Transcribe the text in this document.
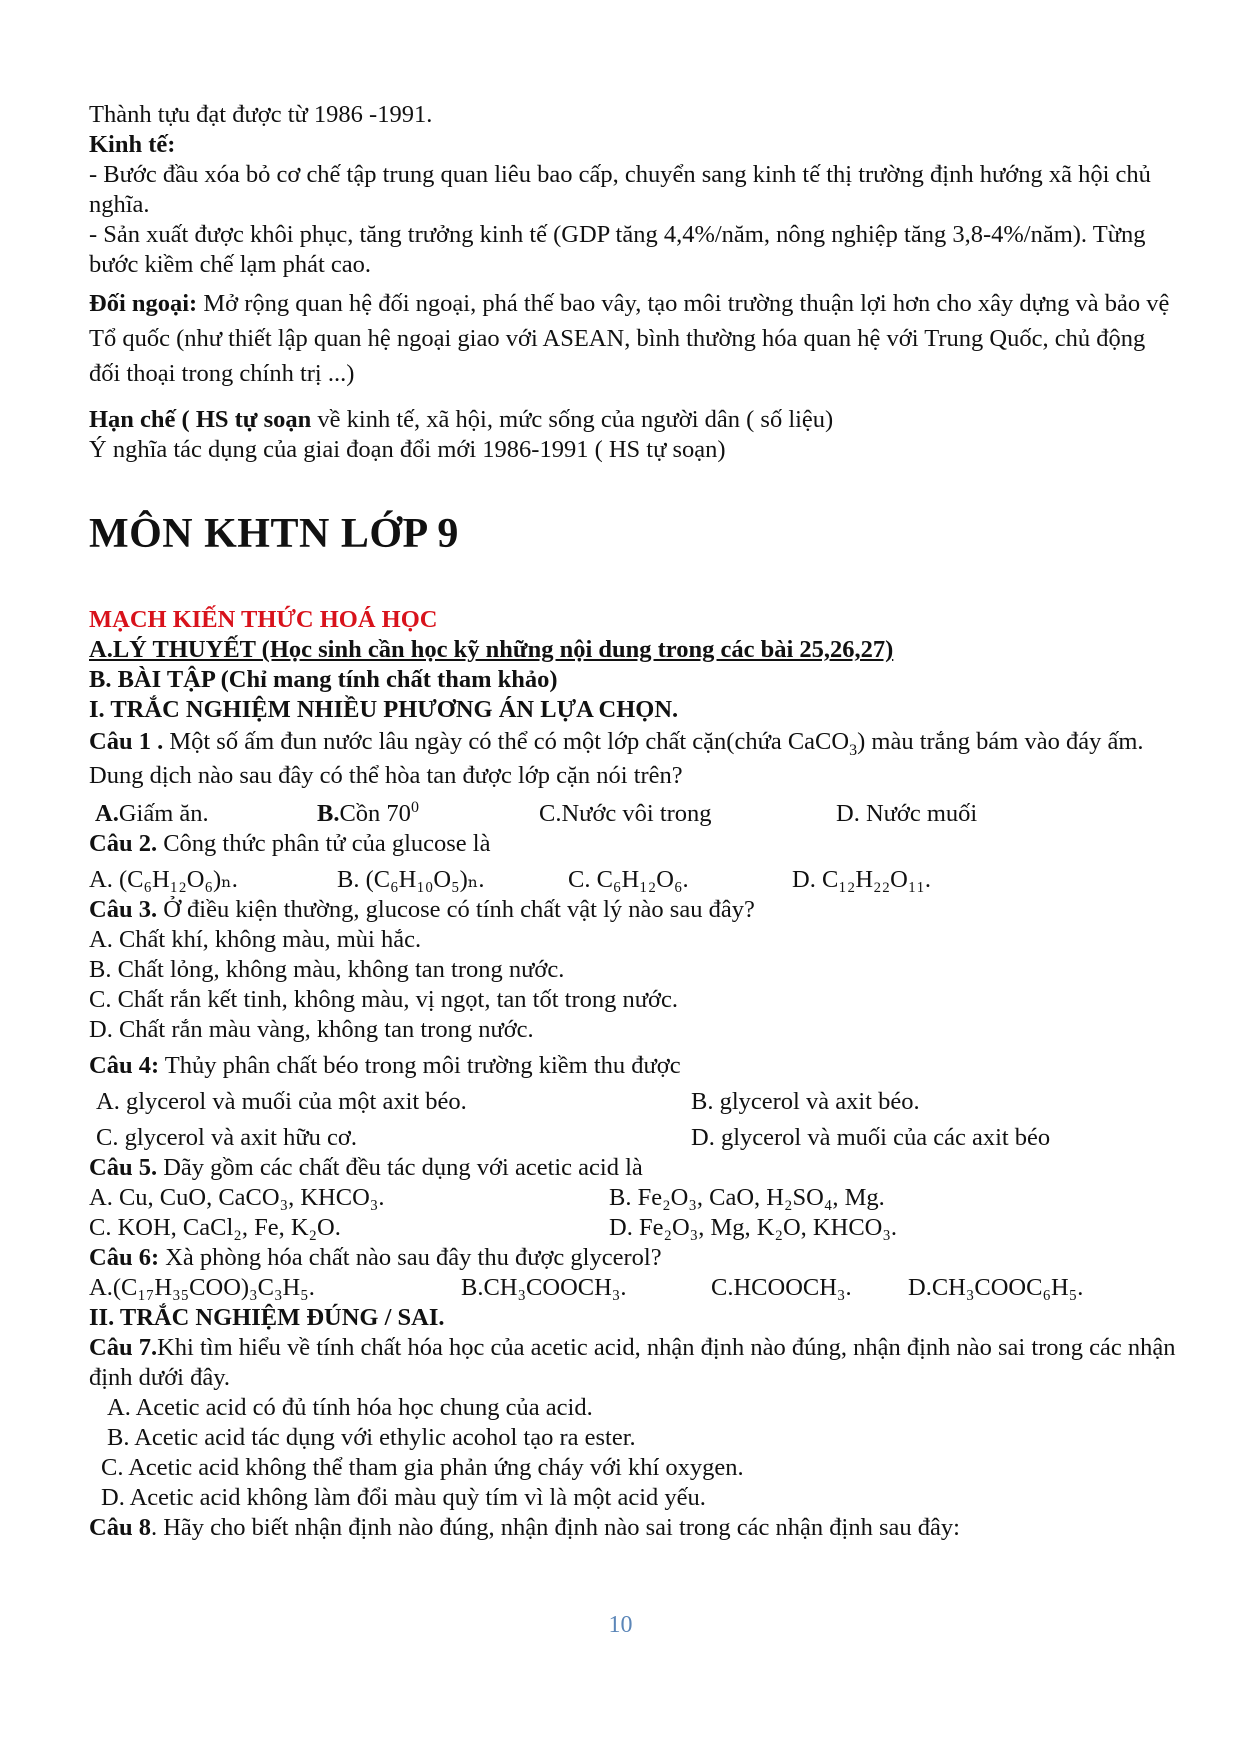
Thành tựu đạt được từ 1986 -1991.

Kinh tế:

- Bước đầu xóa bỏ cơ chế tập trung quan liêu bao cấp, chuyển sang kinh tế thị trường định hướng xã hội chủ nghĩa.

- Sản xuất được khôi phục, tăng trưởng kinh tế (GDP tăng 4,4%/năm, nông nghiệp tăng 3,8-4%/năm). Từng bước kiềm chế lạm phát cao.

Đối ngoại: Mở rộng quan hệ đối ngoại, phá thế bao vây, tạo môi trường thuận lợi hơn cho xây dựng và bảo vệ Tổ quốc (như thiết lập quan hệ ngoại giao với ASEAN, bình thường hóa quan hệ với Trung Quốc, chủ động đối thoại trong chính trị ...)

Hạn chế ( HS tự soạn về kinh tế, xã hội, mức sống của người dân ( số liệu)

Ý nghĩa tác dụng của giai đoạn đổi mới 1986-1991 ( HS tự soạn)

MÔN KHTN LỚP 9

MẠCH KIẾN THỨC HOÁ HỌC

A.LÝ THUYẾT (Học sinh cần học kỹ những nội dung trong các bài 25,26,27)

B. BÀI TẬP (Chỉ mang tính chất tham khảo)

I. TRẮC NGHIỆM NHIỀU PHƯƠNG ÁN LỰA CHỌN.

Câu 1 . Một số ấm đun nước lâu ngày có thể có một lớp chất cặn(chứa CaCO$_3$) màu trắng bám vào đáy ấm. Dung dịch nào sau đây có thể hòa tan được lớp cặn nói trên?

A.Giấm ăn.	B.Cồn $70^0$	C.Nước vôi trong	D. Nước muối

Câu 2. Công thức phân tử của glucose là

A. (C₆H₁₂O₆)ₙ.	B. (C₆H₁₀O₅)ₙ.	C. C₆H₁₂O₆.	D. C₁₂H₂₂O₁₁.

Câu 3. Ở điều kiện thường, glucose có tính chất vật lý nào sau đây?

A. Chất khí, không màu, mùi hắc.

B. Chất lỏng, không màu, không tan trong nước.

C. Chất rắn kết tinh, không màu, vị ngọt, tan tốt trong nước.

D. Chất rắn màu vàng, không tan trong nước.

Câu 4: Thủy phân chất béo trong môi trường kiềm thu được

A. glycerol và muối của một axit béo.	B. glycerol và axit béo.
C. glycerol và axit hữu cơ.	D. glycerol và muối của các axit béo

Câu 5. Dãy gồm các chất đều tác dụng với acetic acid là

A. Cu, CuO, CaCO₃, KHCO₃.	B. Fe₂O₃, CaO, H₂SO₄, Mg.
C. KOH, CaCl₂, Fe, K₂O.	D. Fe₂O₃, Mg, K₂O, KHCO₃.

Câu 6: Xà phòng hóa chất nào sau đây thu được glycerol?

A.(C₁₇H₃₅COO)₃C₃H₅.	B.CH₃COOCH₃.	C.HCOOCH₃.	D.CH₃COOC₆H₅.

II. TRẮC NGHIỆM ĐÚNG / SAI.

Câu 7.Khi tìm hiểu về tính chất hóa học của acetic acid, nhận định nào đúng, nhận định nào sai trong các nhận định dưới đây.

A. Acetic acid có đủ tính hóa học chung của acid.

B. Acetic acid tác dụng với ethylic acohol tạo ra ester.

C. Acetic acid không thể tham gia phản ứng cháy với khí oxygen.

D. Acetic acid không làm đổi màu quỳ tím vì là một acid yếu.

Câu 8. Hãy cho biết nhận định nào đúng, nhận định nào sai trong các nhận định sau đây:

10
